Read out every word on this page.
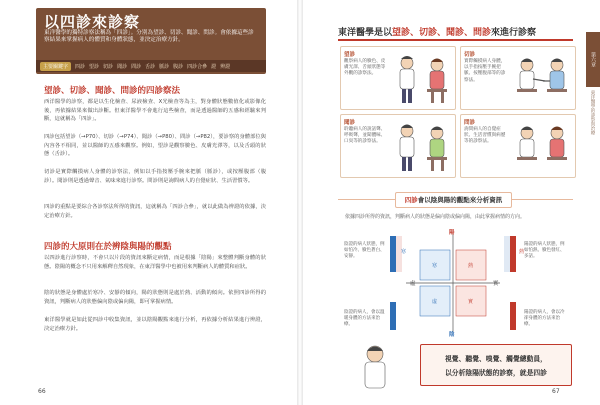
以四診來診察
東洋醫學的獨特診察法稱為「四診」。分別為望診、切診、聞診、問診。會依據這些診察結果來掌握病人的體質和身體狀態，並決定治療方針。
主要關鍵字	四診 望診 切診 聞診 問診 舌診 脈診 腹診 四診合參 證 辨證
望診、切診、聞診、問診的四診察法
西洋醫學的診察，都是以生化檢查、尿液檢查、X光檢查等為主，對身體狀態數值化或影像化後，再依據結果來做出診斷。但東洋醫學不會進行這些檢查，而是透過醫師的五感和經驗來判斷，這就稱為「四診」。
四診包括望診（→P70）、切診（→P74）、聞診（→P80）、問診（→P82），要診察的身體部位與內容各不相同，並以醫師的五感來觀察。例如，望診是觀察臉色、皮膚光澤等，以及舌頭的狀態（舌診）。
切診是實際觸摸病人身體的診察法，例如以手指按壓手腕來把脈（脈診），或按壓腹部（腹診）。聞診則是透過聲音、氣味來進行診察。問診則是詢問病人的自覺症狀、生活習慣等。
四診的重點是要綜合各診察法所得的資訊，這就稱為「四診合參」，就以此做為辨證的依據，決定治療方針。
四診的大原則在於辨陰與陽的觀點
以四診進行診察時，不會只以片段的資訊來斷定病情，而是根據「陰陽」來整體判斷身體的狀態。陰陽的概念不只用來解釋自然現象，在東洋醫學中也被用來判斷病人的體質和症狀。
陰的狀態是身體處於寒冷、安靜的傾向，陽的狀態則是處於熱、活動的傾向。依照四診所得的資訊，判斷病人的狀態偏向陰或偏向陽，即可掌握病情。
東洋醫學就是如此從四診中收集資訊，並以陰陽觀點來進行分析，再依據分析結果進行辨證，決定治療方針。
66
東洋醫學是以望診、切診、聞診、問診來進行診察
第六章
東洋醫學的診察與治療
望診
觀察病人的臉色、皮膚光澤、舌頭狀態等外觀的診察法。
切診
實際觸摸病人身體，以手指按壓手腕把脈、按壓腹部等的診察法。
聞診
聆聽病人的說話聲、呼吸聲，並聞體味、口臭等的診察法。
問診
詢問病人的自覺症狀、生活習慣與病歷等的診察法。
四診會以陰與陽的觀點來分析資訊
依據四診所得的資訊，判斷病人的狀態是偏向陰或偏向陽，由此掌握病情的方向。
陰證的病人狀態，例如怕冷、臉色蒼白、安靜。
陽證的病人狀態，例如怕熱、臉色發紅、多話。
陰證的病人，會以溫暖身體的方法來治療。
陽證的病人，會以冷卻身體的方法來治療。
陽
陰
虛	實
寒	熱
寒	熱
虛	實
視覺、聽覺、嗅覺、觸覺總動員，
以分析陰陽狀態的診察，就是四診
67
